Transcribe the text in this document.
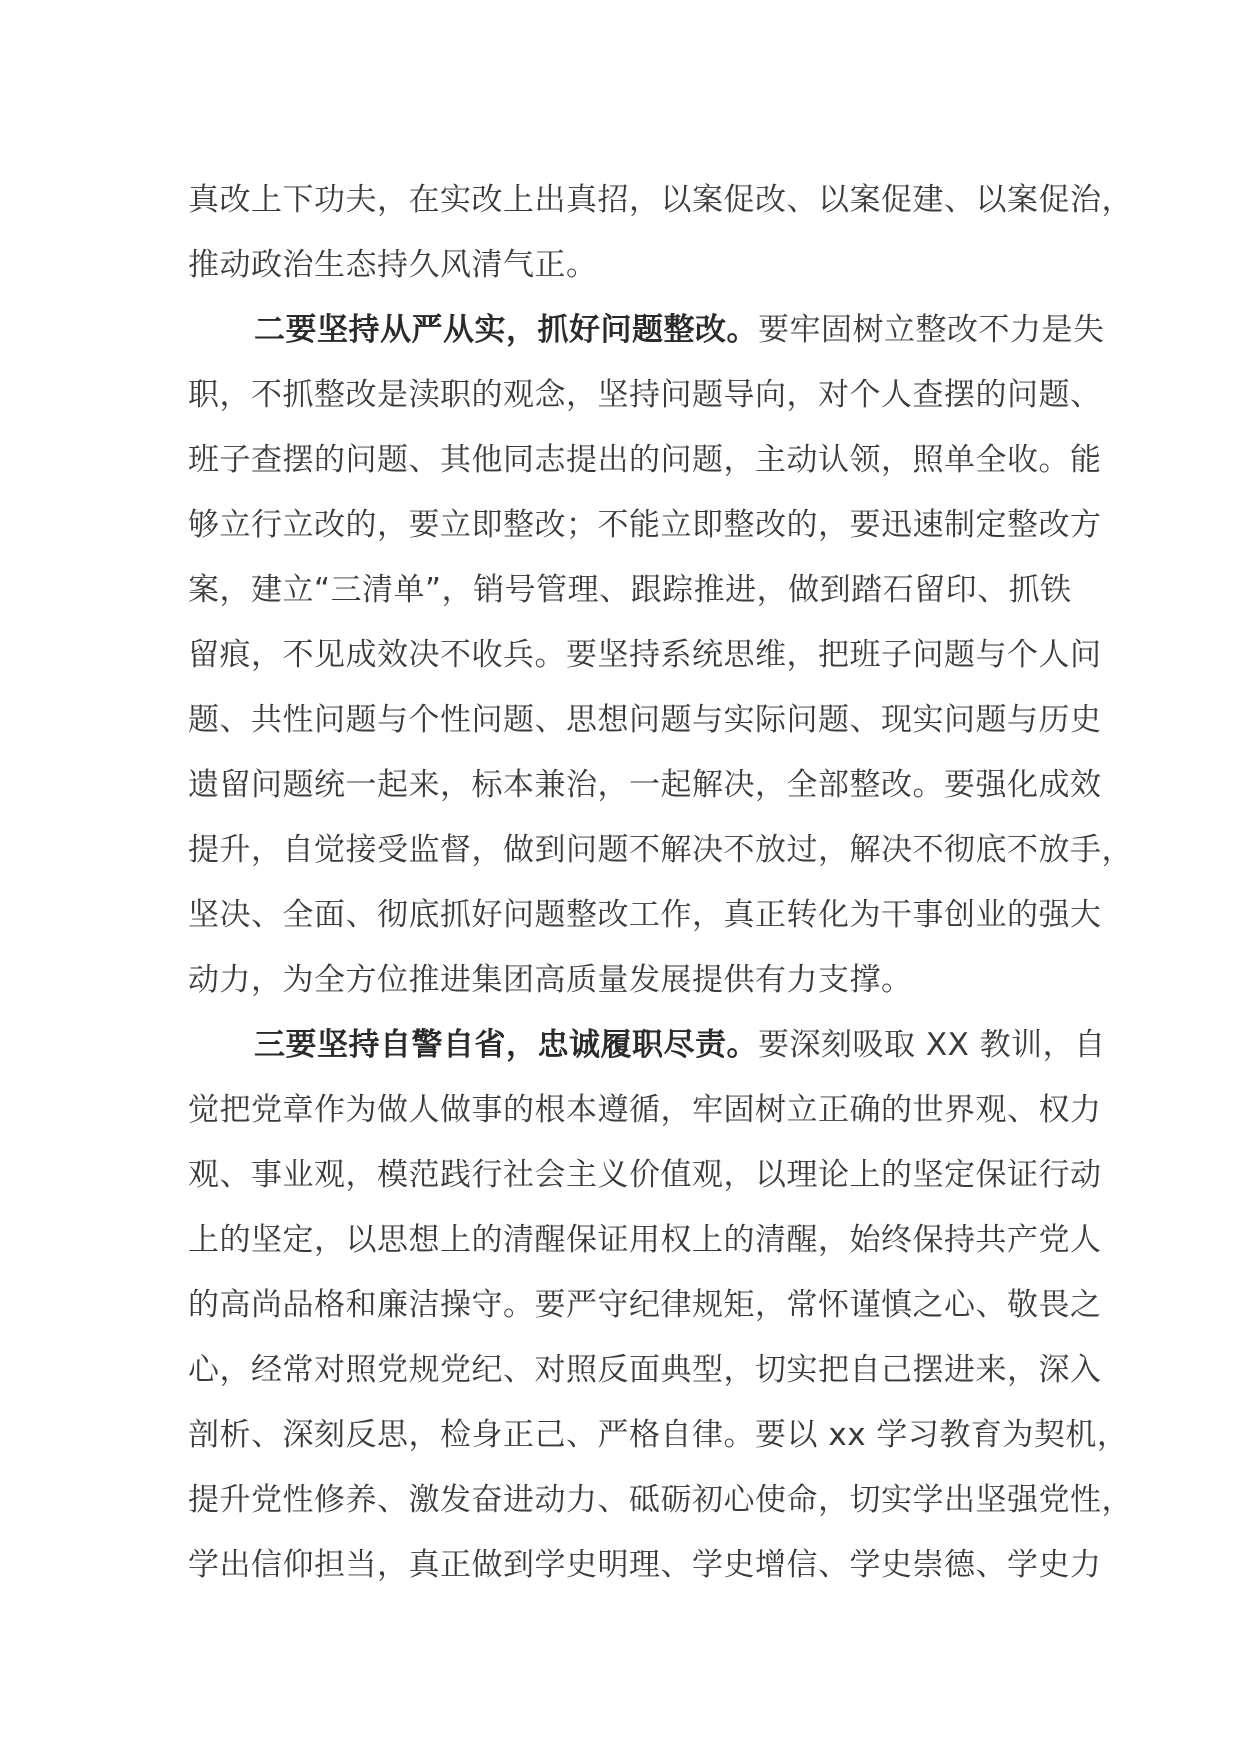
真改上下功夫，在实改上出真招，以案促改、以案促建、以案促治，
推动政治生态持久风清气正。
二要坚持从严从实，抓好问题整改。要牢固树立整改不力是失
职，不抓整改是渎职的观念，坚持问题导向，对个人查摆的问题、
班子查摆的问题、其他同志提出的问题，主动认领，照单全收。能
够立行立改的，要立即整改；不能立即整改的，要迅速制定整改方
案，建立“三清单”，销号管理、跟踪推进，做到踏石留印、抓铁
留痕，不见成效决不收兵。要坚持系统思维，把班子问题与个人问
题、共性问题与个性问题、思想问题与实际问题、现实问题与历史
遗留问题统一起来，标本兼治，一起解决，全部整改。要强化成效
提升，自觉接受监督，做到问题不解决不放过，解决不彻底不放手，
坚决、全面、彻底抓好问题整改工作，真正转化为干事创业的强大
动力，为全方位推进集团高质量发展提供有力支撑。
三要坚持自警自省，忠诚履职尽责。要深刻吸取 XX 教训，自
觉把党章作为做人做事的根本遵循，牢固树立正确的世界观、权力
观、事业观，模范践行社会主义价值观，以理论上的坚定保证行动
上的坚定，以思想上的清醒保证用权上的清醒，始终保持共产党人
的高尚品格和廉洁操守。要严守纪律规矩，常怀谨慎之心、敬畏之
心，经常对照党规党纪、对照反面典型，切实把自己摆进来，深入
剖析、深刻反思，检身正己、严格自律。要以 xx 学习教育为契机，
提升党性修养、激发奋进动力、砥砺初心使命，切实学出坚强党性，
学出信仰担当，真正做到学史明理、学史增信、学史崇德、学史力
